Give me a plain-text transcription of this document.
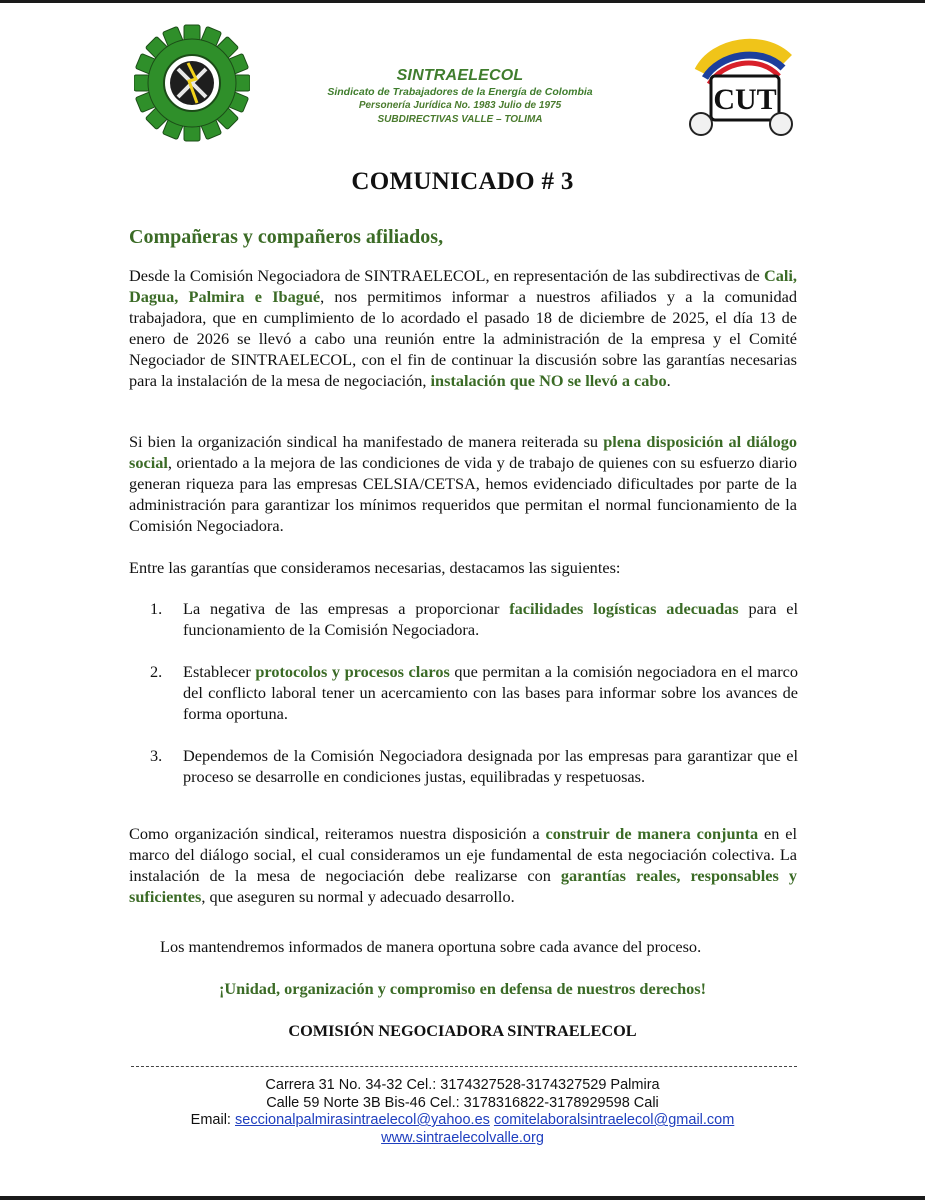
SINTRAELECOL
Sindicato de Trabajadores de la Energía de Colombia
Personería Jurídica No. 1983 Julio de 1975
SUBDIRECTIVAS VALLE – TOLIMA
CUT
COMUNICADO # 3
Compañeras y compañeros afiliados,
Desde la Comisión Negociadora de SINTRAELECOL, en representación de las subdirectivas de Cali, Dagua, Palmira e Ibagué, nos permitimos informar a nuestros afiliados y a la comunidad trabajadora, que en cumplimiento de lo acordado el pasado 18 de diciembre de 2025, el día 13 de enero de 2026 se llevó a cabo una reunión entre la administración de la empresa y el Comité Negociador de SINTRAELECOL, con el fin de continuar la discusión sobre las garantías necesarias para la instalación de la mesa de negociación, instalación que NO se llevó a cabo.
Si bien la organización sindical ha manifestado de manera reiterada su plena disposición al diálogo social, orientado a la mejora de las condiciones de vida y de trabajo de quienes con su esfuerzo diario generan riqueza para las empresas CELSIA/CETSA, hemos evidenciado dificultades por parte de la administración para garantizar los mínimos requeridos que permitan el normal funcionamiento de la Comisión Negociadora.
Entre las garantías que consideramos necesarias, destacamos las siguientes:
1.	La negativa de las empresas a proporcionar facilidades logísticas adecuadas para el funcionamiento de la Comisión Negociadora.
2.	Establecer protocolos y procesos claros que permitan a la comisión negociadora en el marco del conflicto laboral tener un acercamiento con las bases para informar sobre los avances de forma oportuna.
3.	Dependemos de la Comisión Negociadora designada por las empresas para garantizar que el proceso se desarrolle en condiciones justas, equilibradas y respetuosas.
Como organización sindical, reiteramos nuestra disposición a construir de manera conjunta en el marco del diálogo social, el cual consideramos un eje fundamental de esta negociación colectiva. La instalación de la mesa de negociación debe realizarse con garantías reales, responsables y suficientes, que aseguren su normal y adecuado desarrollo.
Los mantendremos informados de manera oportuna sobre cada avance del proceso.
¡Unidad, organización y compromiso en defensa de nuestros derechos!
COMISIÓN NEGOCIADORA SINTRAELECOL
Carrera 31 No. 34-32 Cel.: 3174327528-3174327529 Palmira
Calle 59 Norte 3B Bis-46 Cel.: 3178316822-3178929598 Cali
Email: seccionalpalmirasintraelecol@yahoo.es comitelaboralsintraelecol@gmail.com
www.sintraelecolvalle.org
